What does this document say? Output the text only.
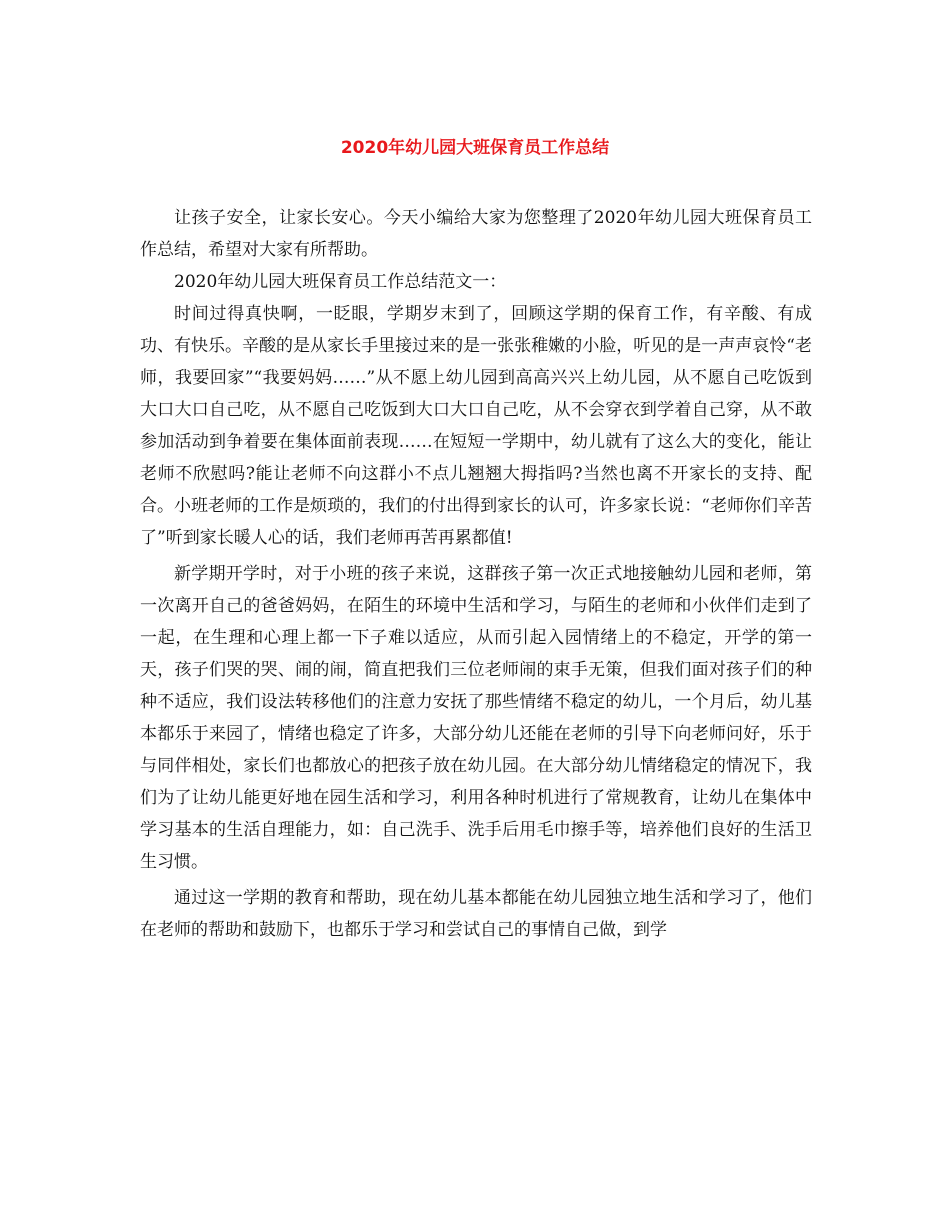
2020年幼儿园大班保育员工作总结

让孩子安全，让家长安心。今天小编给大家为您整理了2020年幼儿园大班保育员工作总结，希望对大家有所帮助。

2020年幼儿园大班保育员工作总结范文一：

时间过得真快啊，一眨眼，学期岁末到了，回顾这学期的保育工作，有辛酸、有成功、有快乐。辛酸的是从家长手里接过来的是一张张稚嫩的小脸，听见的是一声声哀怜“老师，我要回家”“我要妈妈……”从不愿上幼儿园到高高兴兴上幼儿园，从不愿自己吃饭到大口大口自己吃，从不愿自己吃饭到大口大口自己吃，从不会穿衣到学着自己穿，从不敢参加活动到争着要在集体面前表现……在短短一学期中，幼儿就有了这么大的变化，能让老师不欣慰吗?能让老师不向这群小不点儿翘翘大拇指吗?当然也离不开家长的支持、配合。小班老师的工作是烦琐的，我们的付出得到家长的认可，许多家长说：“老师你们辛苦了”听到家长暖人心的话，我们老师再苦再累都值!

新学期开学时，对于小班的孩子来说，这群孩子第一次正式地接触幼儿园和老师，第一次离开自己的爸爸妈妈，在陌生的环境中生活和学习，与陌生的老师和小伙伴们走到了一起，在生理和心理上都一下子难以适应，从而引起入园情绪上的不稳定，开学的第一天，孩子们哭的哭、闹的闹，简直把我们三位老师闹的束手无策，但我们面对孩子们的种种不适应，我们设法转移他们的注意力安抚了那些情绪不稳定的幼儿，一个月后，幼儿基本都乐于来园了，情绪也稳定了许多，大部分幼儿还能在老师的引导下向老师问好，乐于与同伴相处，家长们也都放心的把孩子放在幼儿园。在大部分幼儿情绪稳定的情况下，我们为了让幼儿能更好地在园生活和学习，利用各种时机进行了常规教育，让幼儿在集体中学习基本的生活自理能力，如：自己洗手、洗手后用毛巾擦手等，培养他们良好的生活卫生习惯。

通过这一学期的教育和帮助，现在幼儿基本都能在幼儿园独立地生活和学习了，他们在老师的帮助和鼓励下，也都乐于学习和尝试自己的事情自己做，到学
